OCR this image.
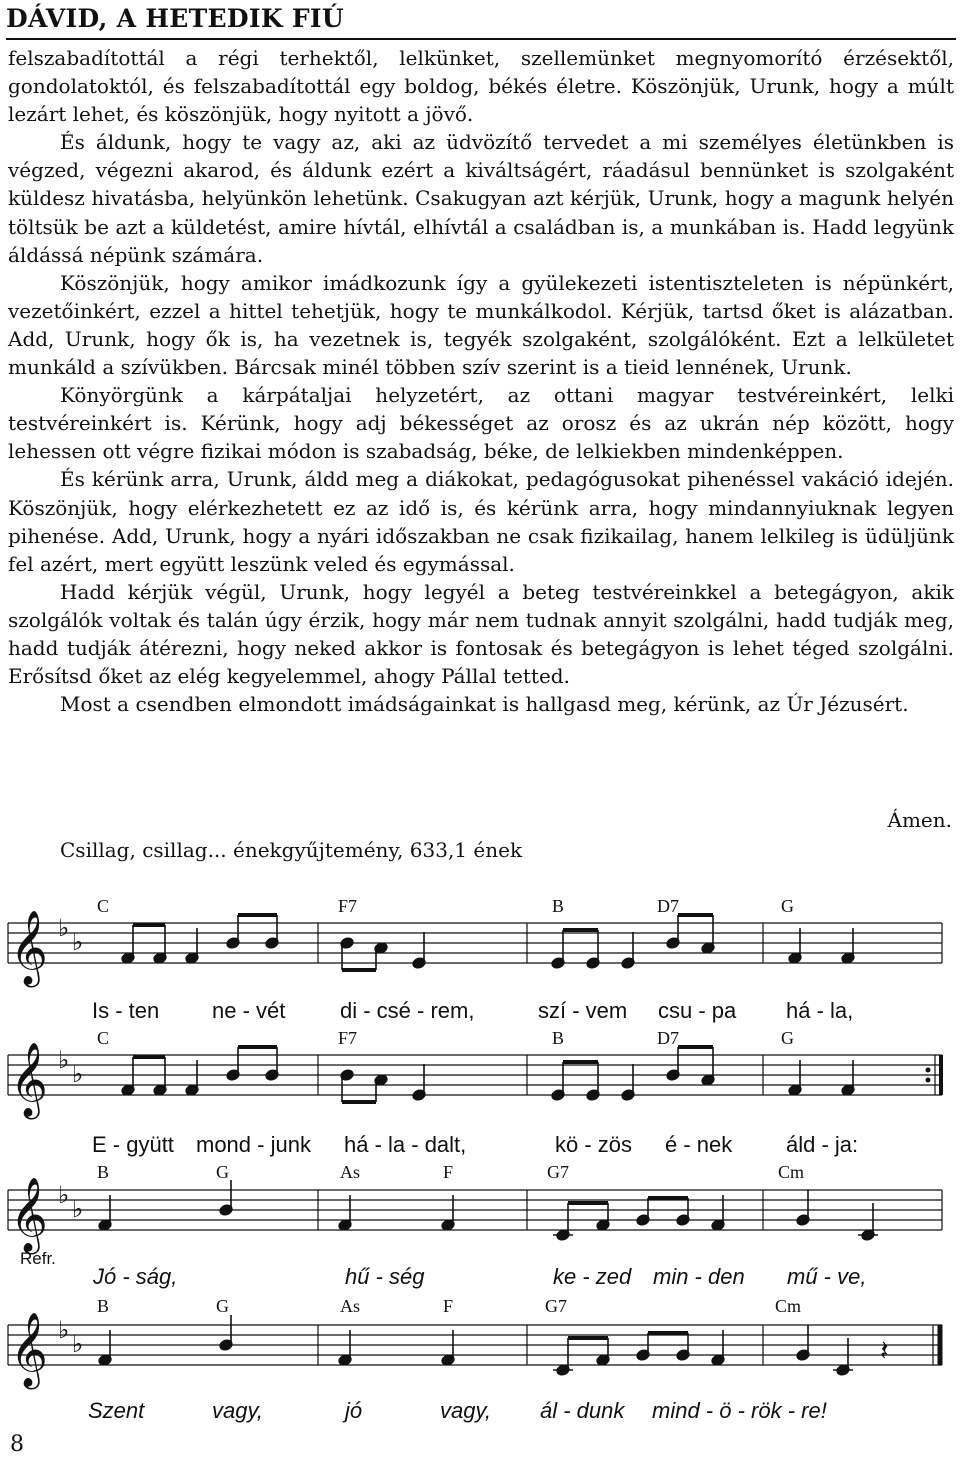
DÁVID, A HETEDIK FIÚ

felszabadítottál a régi terhektől, lelkünket, szellemünket megnyomorító érzésektől, gondolatoktól, és felszabadítottál egy boldog, békés életre. Köszönjük, Urunk, hogy a múlt lezárt lehet, és köszönjük, hogy nyitott a jövő.

És áldunk, hogy te vagy az, aki az üdvözítő tervedet a mi személyes életünkben is végzed, végezni akarod, és áldunk ezért a kiváltságért, ráadásul bennünket is szolgaként küldesz hivatásba, helyünkön lehetünk. Csakugyan azt kérjük, Urunk, hogy a magunk helyén töltsük be azt a küldetést, amire hívtál, elhívtál a családban is, a munkában is. Hadd legyünk áldássá népünk számára.

Köszönjük, hogy amikor imádkozunk így a gyülekezeti istentiszteleten is népünkért, vezetőinkért, ezzel a hittel tehetjük, hogy te munkálkodol. Kérjük, tartsd őket is alázatban. Add, Urunk, hogy ők is, ha vezetnek is, tegyék szolgaként, szolgálóként. Ezt a lelkületet munkáld a szívükben. Bárcsak minél többen szív szerint is a tieid lennének, Urunk.

Könyörgünk a kárpátaljai helyzetért, az ottani magyar testvéreinkért, lelki testvéreinkért is. Kérünk, hogy adj békességet az orosz és az ukrán nép között, hogy lehessen ott végre fizikai módon is szabadság, béke, de lelkiekben mindenképpen.

És kérünk arra, Urunk, áldd meg a diákokat, pedagógusokat pihenéssel vakáció idején. Köszönjük, hogy elérkezhetett ez az idő is, és kérünk arra, hogy mindannyiuknak legyen pihenése. Add, Urunk, hogy a nyári időszakban ne csak fizikailag, hanem lelkileg is üdüljünk fel azért, mert együtt leszünk veled és egymással.

Hadd kérjük végül, Urunk, hogy legyél a beteg testvéreinkkel a betegágyon, akik szolgálók voltak és talán úgy érzik, hogy már nem tudnak annyit szolgálni, hadd tudják meg, hadd tudják átérezni, hogy neked akkor is fontosak és betegágyon is lehet téged szolgálni. Erősítsd őket az elég kegyelemmel, ahogy Pállal tetted.

Most a csendben elmondott imádságainkat is hallgasd meg, kérünk, az Úr Jézusért.

Ámen.
Csillag, csillag... énekgyűjtemény, 633,1 ének
C	F7	B	D7	G
𝄞 ♭ ♭
Is - ten ne - vét di - csé - rem,	szí - vem csu - pa há - la,
C	F7	B	D7	G
𝄞 ♭ ♭
E - gyütt mond - junk há - la - dalt,	kö - zös é - nek áld - ja:
B	G	As	F	G7	Cm
𝄞 ♭ ♭
Refr.
Jó - ság,	hű - ség	ke - zed min - den mű - ve,
B	G	As	F	G7	Cm
𝄞 ♭ ♭	𝄽
Szent	vagy,	jó	vagy, ál - dunk mind - ö - rök - re!
8
